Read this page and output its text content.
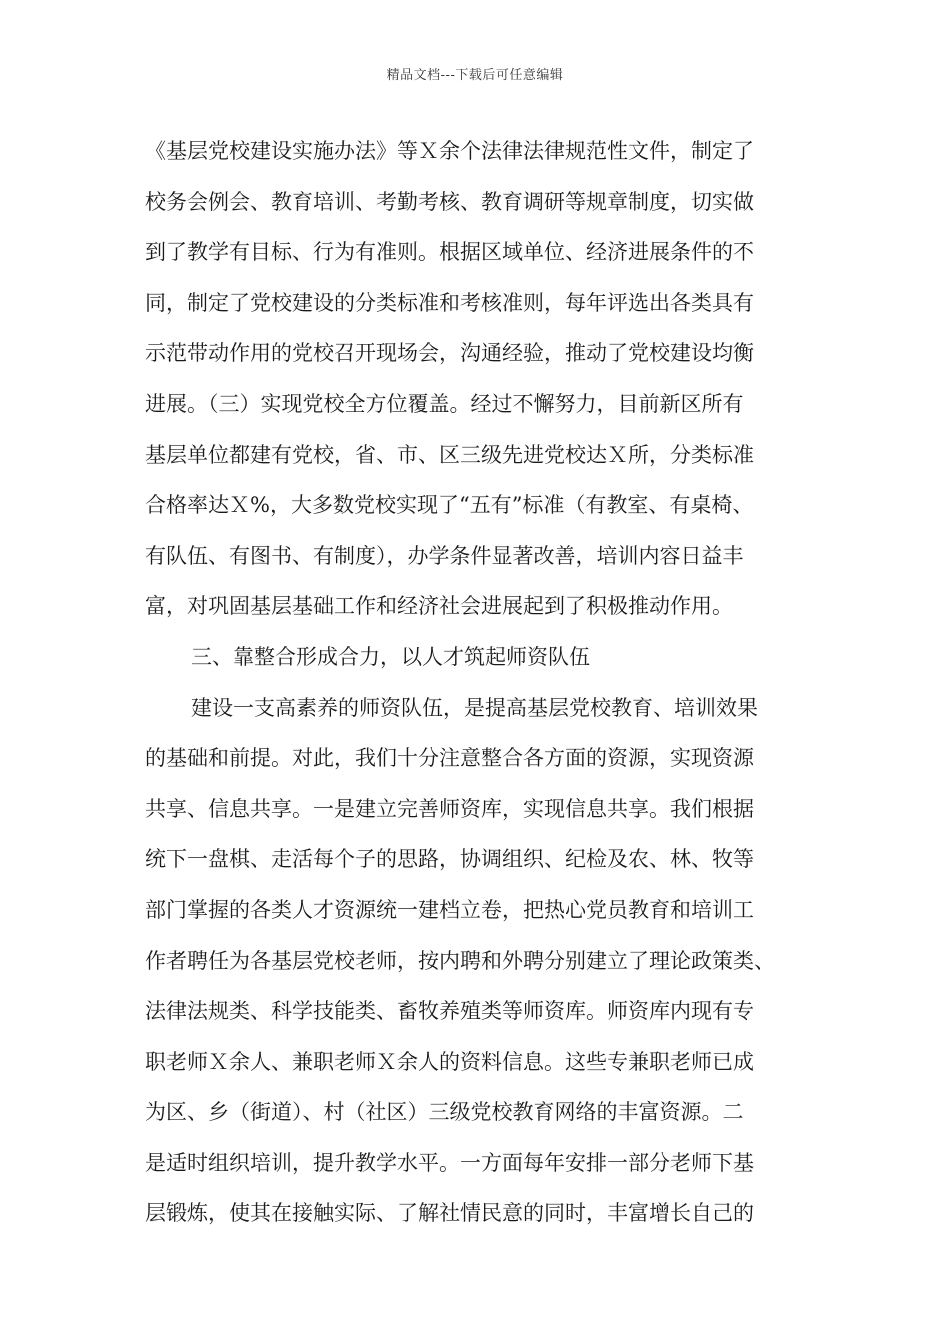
精品文档---下载后可任意编辑
《基层党校建设实施办法》等Ｘ余个法律法律规范性文件，制定了
校务会例会、教育培训、考勤考核、教育调研等规章制度，切实做
到了教学有目标、行为有准则。根据区域单位、经济进展条件的不
同，制定了党校建设的分类标准和考核准则，每年评选出各类具有
示范带动作用的党校召开现场会，沟通经验，推动了党校建设均衡
进展。（三）实现党校全方位覆盖。经过不懈努力，目前新区所有
基层单位都建有党校，省、市、区三级先进党校达Ｘ所，分类标准
合格率达Ｘ%，大多数党校实现了“五有”标准（有教室、有桌椅、
有队伍、有图书、有制度），办学条件显著改善，培训内容日益丰
富，对巩固基层基础工作和经济社会进展起到了积极推动作用。
三、靠整合形成合力，以人才筑起师资队伍
建设一支高素养的师资队伍，是提高基层党校教育、培训效果
的基础和前提。对此，我们十分注意整合各方面的资源，实现资源
共享、信息共享。一是建立完善师资库，实现信息共享。我们根据
统下一盘棋、走活每个子的思路，协调组织、纪检及农、林、牧等
部门掌握的各类人才资源统一建档立卷，把热心党员教育和培训工
作者聘任为各基层党校老师，按内聘和外聘分别建立了理论政策类、
法律法规类、科学技能类、畜牧养殖类等师资库。师资库内现有专
职老师Ｘ余人、兼职老师Ｘ余人的资料信息。这些专兼职老师已成
为区、乡（街道）、村（社区）三级党校教育网络的丰富资源。二
是适时组织培训，提升教学水平。一方面每年安排一部分老师下基
层锻炼，使其在接触实际、了解社情民意的同时，丰富增长自己的
